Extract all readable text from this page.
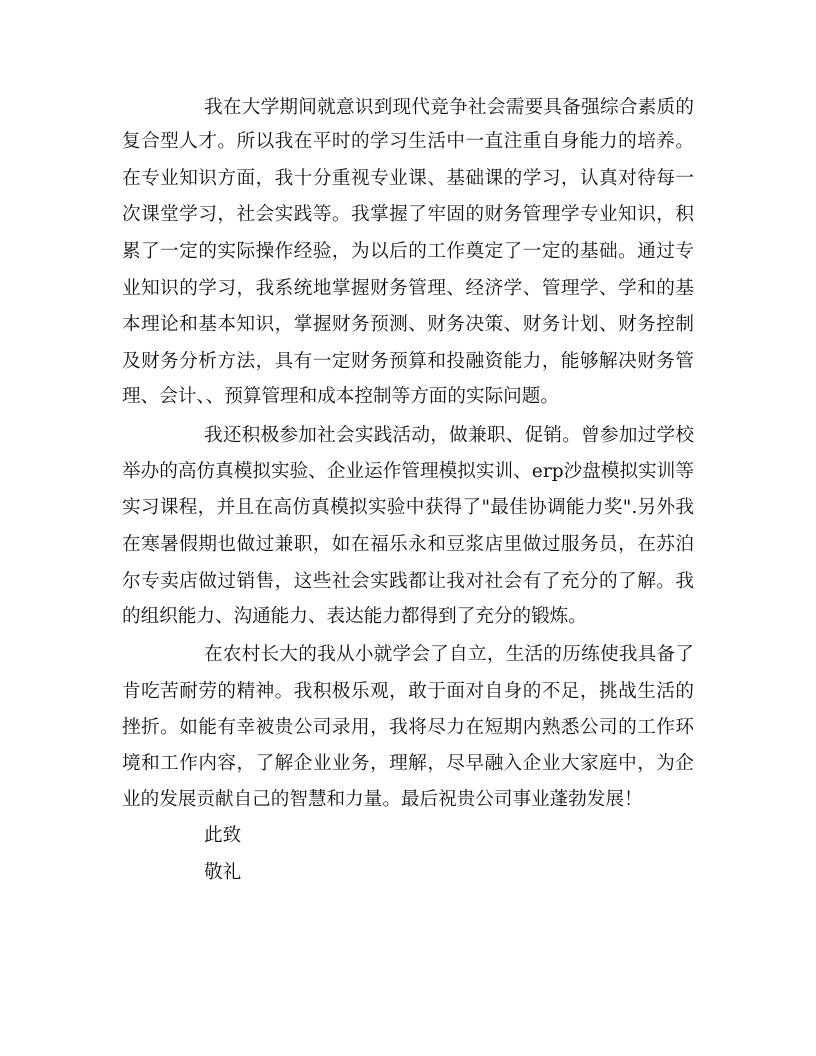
我在大学期间就意识到现代竞争社会需要具备强综合素质的
复合型人才。所以我在平时的学习生活中一直注重自身能力的培养。
在专业知识方面，我十分重视专业课、基础课的学习，认真对待每一
次课堂学习，社会实践等。我掌握了牢固的财务管理学专业知识，积
累了一定的实际操作经验，为以后的工作奠定了一定的基础。通过专
业知识的学习，我系统地掌握财务管理、经济学、管理学、学和的基
本理论和基本知识，掌握财务预测、财务决策、财务计划、财务控制
及财务分析方法，具有一定财务预算和投融资能力，能够解决财务管
理、会计、、预算管理和成本控制等方面的实际问题。
我还积极参加社会实践活动，做兼职、促销。曾参加过学校
举办的高仿真模拟实验、企业运作管理模拟实训、erp沙盘模拟实训等
实习课程，并且在高仿真模拟实验中获得了"最佳协调能力奖".另外我
在寒暑假期也做过兼职，如在福乐永和豆浆店里做过服务员，在苏泊
尔专卖店做过销售，这些社会实践都让我对社会有了充分的了解。我
的组织能力、沟通能力、表达能力都得到了充分的锻炼。
在农村长大的我从小就学会了自立，生活的历练使我具备了
肯吃苦耐劳的精神。我积极乐观，敢于面对自身的不足，挑战生活的
挫折。如能有幸被贵公司录用，我将尽力在短期内熟悉公司的工作环
境和工作内容，了解企业业务，理解，尽早融入企业大家庭中，为企
业的发展贡献自己的智慧和力量。最后祝贵公司事业蓬勃发展！
此致
敬礼
